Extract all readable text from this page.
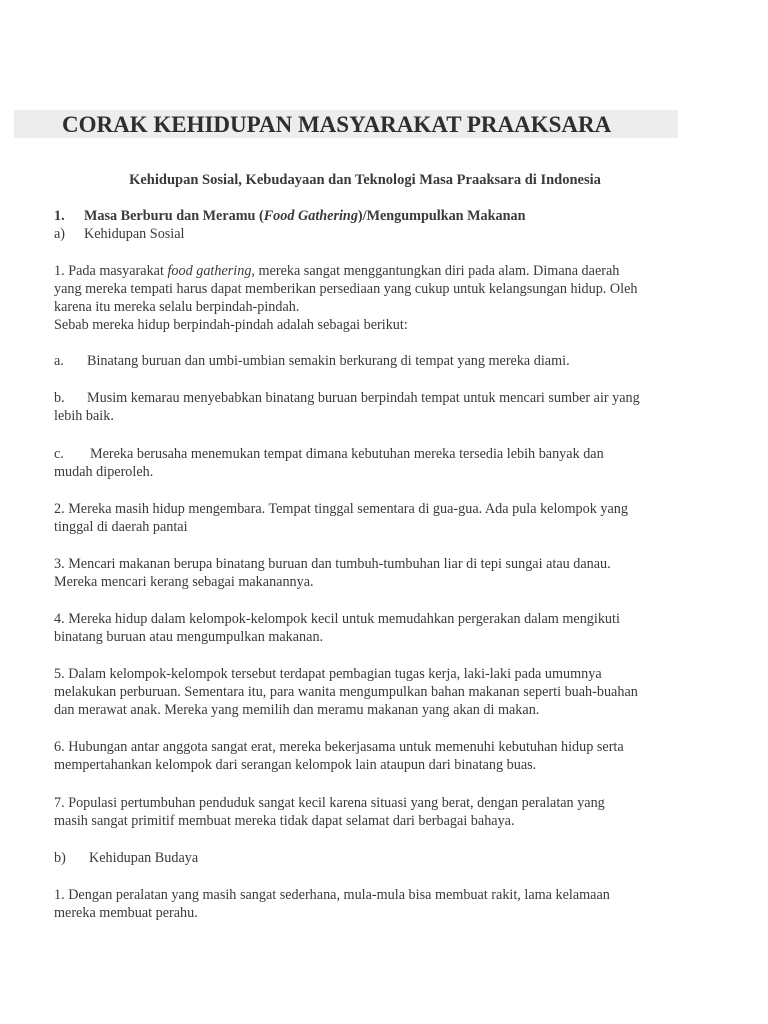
CORAK KEHIDUPAN MASYARAKAT PRAAKSARA
Kehidupan Sosial, Kebudayaan dan Teknologi Masa Praaksara di Indonesia
1. Masa Berburu dan Meramu (Food Gathering)/Mengumpulkan Makanan
a) Kehidupan Sosial
1. Pada masyarakat food gathering, mereka sangat menggantungkan diri pada alam. Dimana daerah
yang mereka tempati harus dapat memberikan persediaan yang cukup untuk kelangsungan hidup. Oleh
karena itu mereka selalu berpindah-pindah.
Sebab mereka hidup berpindah-pindah adalah sebagai berikut:
a. Binatang buruan dan umbi-umbian semakin berkurang di tempat yang mereka diami.
b. Musim kemarau menyebabkan binatang buruan berpindah tempat untuk mencari sumber air yang
lebih baik.
c. Mereka berusaha menemukan tempat dimana kebutuhan mereka tersedia lebih banyak dan
mudah diperoleh.
2. Mereka masih hidup mengembara. Tempat tinggal sementara di gua-gua. Ada pula kelompok yang
tinggal di daerah pantai
3. Mencari makanan berupa binatang buruan dan tumbuh-tumbuhan liar di tepi sungai atau danau.
Mereka mencari kerang sebagai makanannya.
4. Mereka hidup dalam kelompok-kelompok kecil untuk memudahkan pergerakan dalam mengikuti
binatang buruan atau mengumpulkan makanan.
5. Dalam kelompok-kelompok tersebut terdapat pembagian tugas kerja, laki-laki pada umumnya
melakukan perburuan. Sementara itu, para wanita mengumpulkan bahan makanan seperti buah-buahan
dan merawat anak. Mereka yang memilih dan meramu makanan yang akan di makan.
6. Hubungan antar anggota sangat erat, mereka bekerjasama untuk memenuhi kebutuhan hidup serta
mempertahankan kelompok dari serangan kelompok lain ataupun dari binatang buas.
7. Populasi pertumbuhan penduduk sangat kecil karena situasi yang berat, dengan peralatan yang
masih sangat primitif membuat mereka tidak dapat selamat dari berbagai bahaya.
b) Kehidupan Budaya
1. Dengan peralatan yang masih sangat sederhana, mula-mula bisa membuat rakit, lama kelamaan
mereka membuat perahu.
